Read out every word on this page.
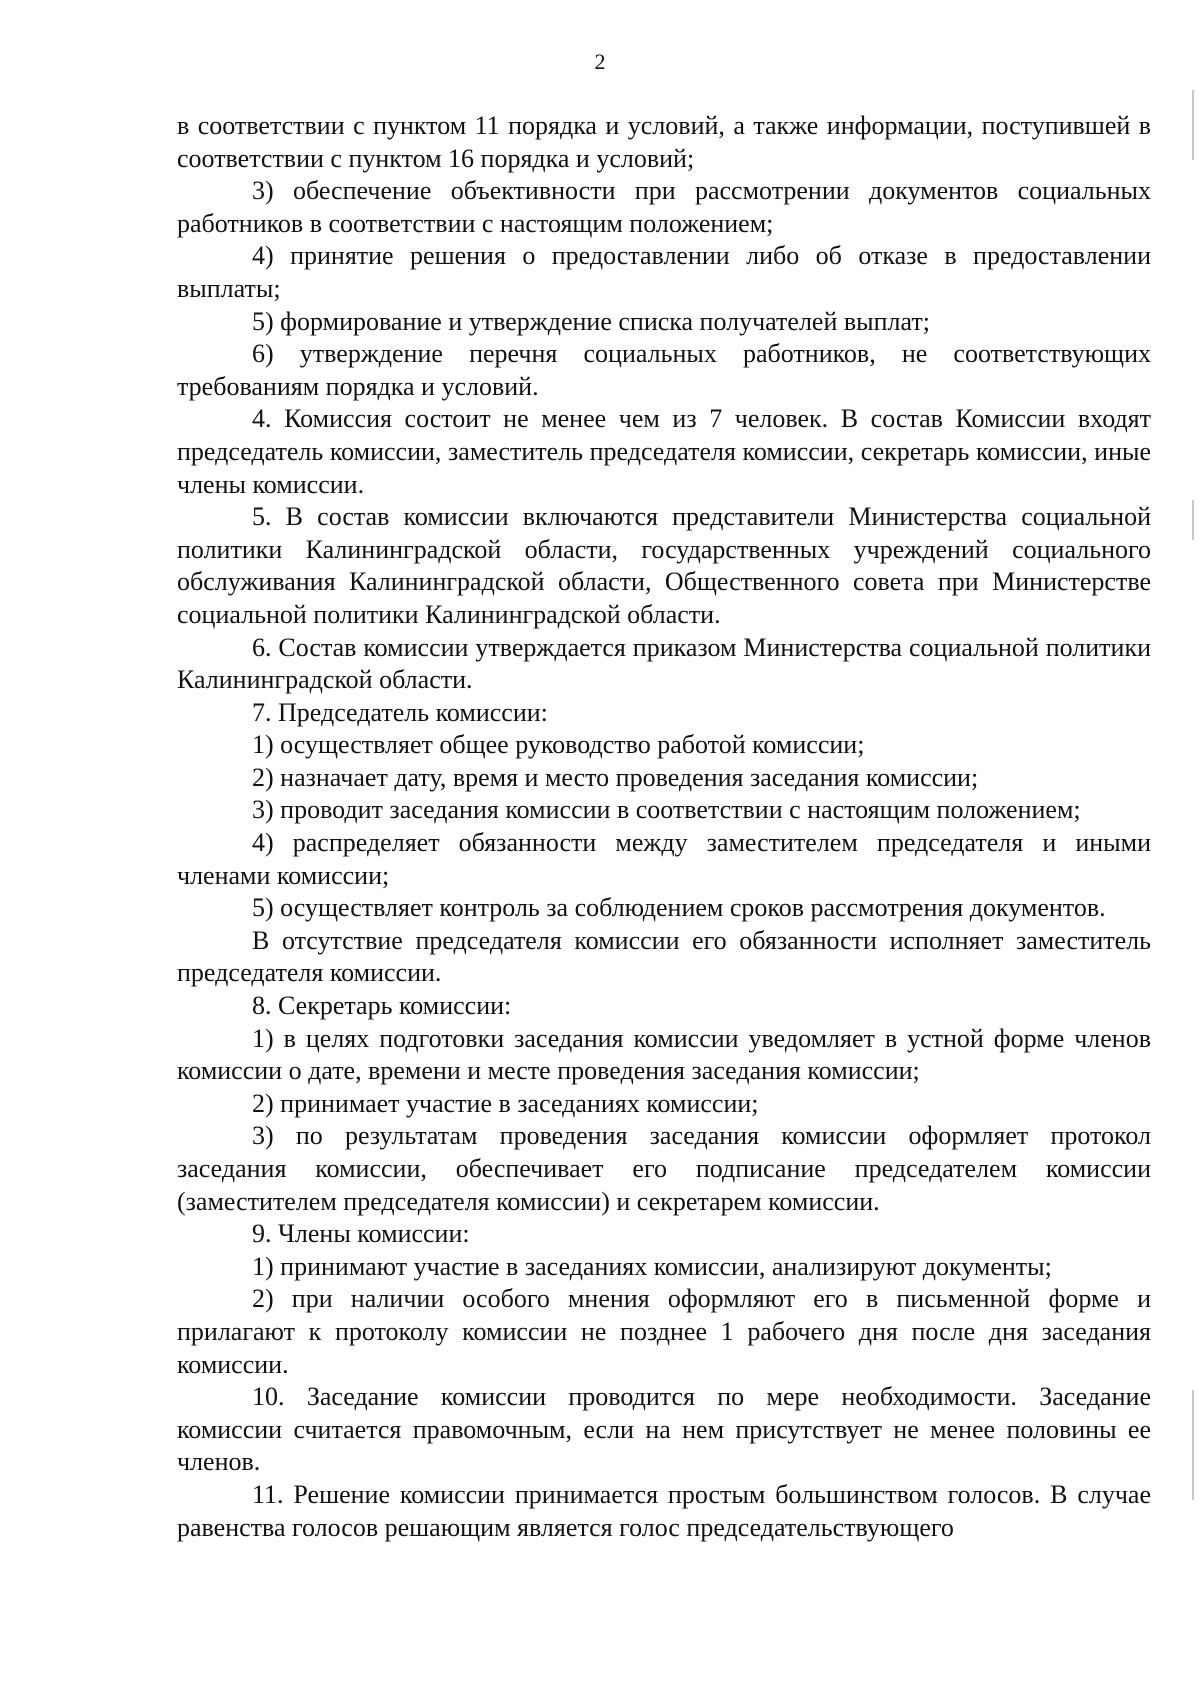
2

в соответствии с пунктом 11 порядка и условий, а также информации, поступившей в соответствии с пунктом 16 порядка и условий;

3) обеспечение объективности при рассмотрении документов социальных работников в соответствии с настоящим положением;

4) принятие решения о предоставлении либо об отказе в предоставлении выплаты;

5) формирование и утверждение списка получателей выплат;

6) утверждение перечня социальных работников, не соответствующих требованиям порядка и условий.

4. Комиссия состоит не менее чем из 7 человек. В состав Комиссии входят председатель комиссии, заместитель председателя комиссии, секретарь комиссии, иные члены комиссии.

5. В состав комиссии включаются представители Министерства социальной политики Калининградской области, государственных учреждений социального обслуживания Калининградской области, Общественного совета при Министерстве социальной политики Калининградской области.

6. Состав комиссии утверждается приказом Министерства социальной политики Калининградской области.

7. Председатель комиссии:

1) осуществляет общее руководство работой комиссии;

2) назначает дату, время и место проведения заседания комиссии;

3) проводит заседания комиссии в соответствии с настоящим положением;

4) распределяет обязанности между заместителем председателя и иными членами комиссии;

5) осуществляет контроль за соблюдением сроков рассмотрения документов.

В отсутствие председателя комиссии его обязанности исполняет заместитель председателя комиссии.

8. Секретарь комиссии:

1) в целях подготовки заседания комиссии уведомляет в устной форме членов комиссии о дате, времени и месте проведения заседания комиссии;

2) принимает участие в заседаниях комиссии;

3) по результатам проведения заседания комиссии оформляет протокол заседания комиссии, обеспечивает его подписание председателем комиссии (заместителем председателя комиссии) и секретарем комиссии.

9. Члены комиссии:

1) принимают участие в заседаниях комиссии, анализируют документы;

2) при наличии особого мнения оформляют его в письменной форме и прилагают к протоколу комиссии не позднее 1 рабочего дня после дня заседания комиссии.

10. Заседание комиссии проводится по мере необходимости. Заседание комиссии считается правомочным, если на нем присутствует не менее половины ее членов.

11. Решение комиссии принимается простым большинством голосов. В случае равенства голосов решающим является голос председательствующего
